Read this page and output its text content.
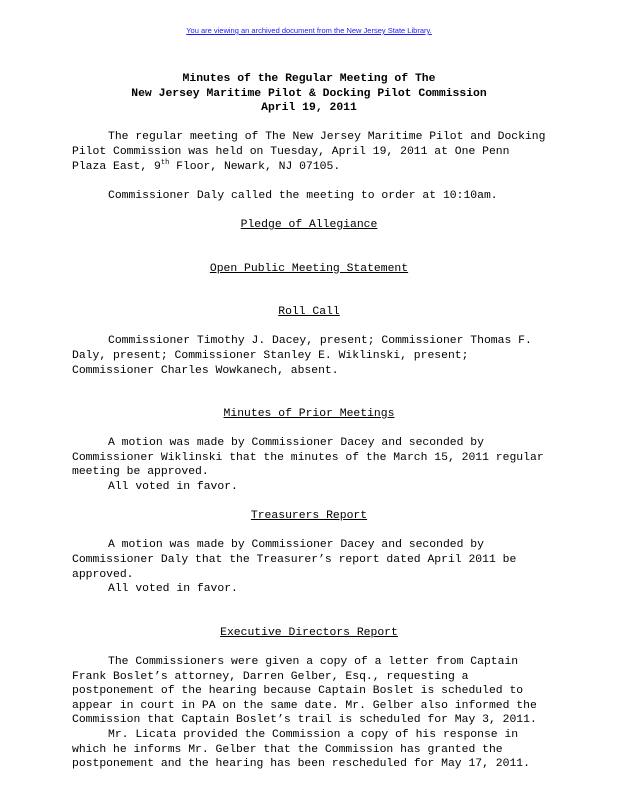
You are viewing an archived document from the New Jersey State Library.
Minutes of the Regular Meeting of The
New Jersey Maritime Pilot & Docking Pilot Commission
April 19, 2011

The regular meeting of The New Jersey Maritime Pilot and Docking Pilot Commission was held on Tuesday, April 19, 2011 at One Penn Plaza East, 9th Floor, Newark, NJ 07105.

Commissioner Daly called the meeting to order at 10:10am.

Pledge of Allegiance

Open Public Meeting Statement

Roll Call

Commissioner Timothy J. Dacey, present; Commissioner Thomas F. Daly, present; Commissioner Stanley E. Wiklinski, present; Commissioner Charles Wowkanech, absent.

Minutes of Prior Meetings

A motion was made by Commissioner Dacey and seconded by Commissioner Wiklinski that the minutes of the March 15, 2011 regular meeting be approved.

All voted in favor.

Treasurers Report

A motion was made by Commissioner Dacey and seconded by Commissioner Daly that the Treasurer’s report dated April 2011 be approved.

All voted in favor.

Executive Directors Report

The Commissioners were given a copy of a letter from Captain Frank Boslet’s attorney, Darren Gelber, Esq., requesting a postponement of the hearing because Captain Boslet is scheduled to appear in court in PA on the same date. Mr. Gelber also informed the Commission that Captain Boslet’s trail is scheduled for May 3, 2011.

Mr. Licata provided the Commission a copy of his response in which he informs Mr. Gelber that the Commission has granted the postponement and the hearing has been rescheduled for May 17, 2011.
